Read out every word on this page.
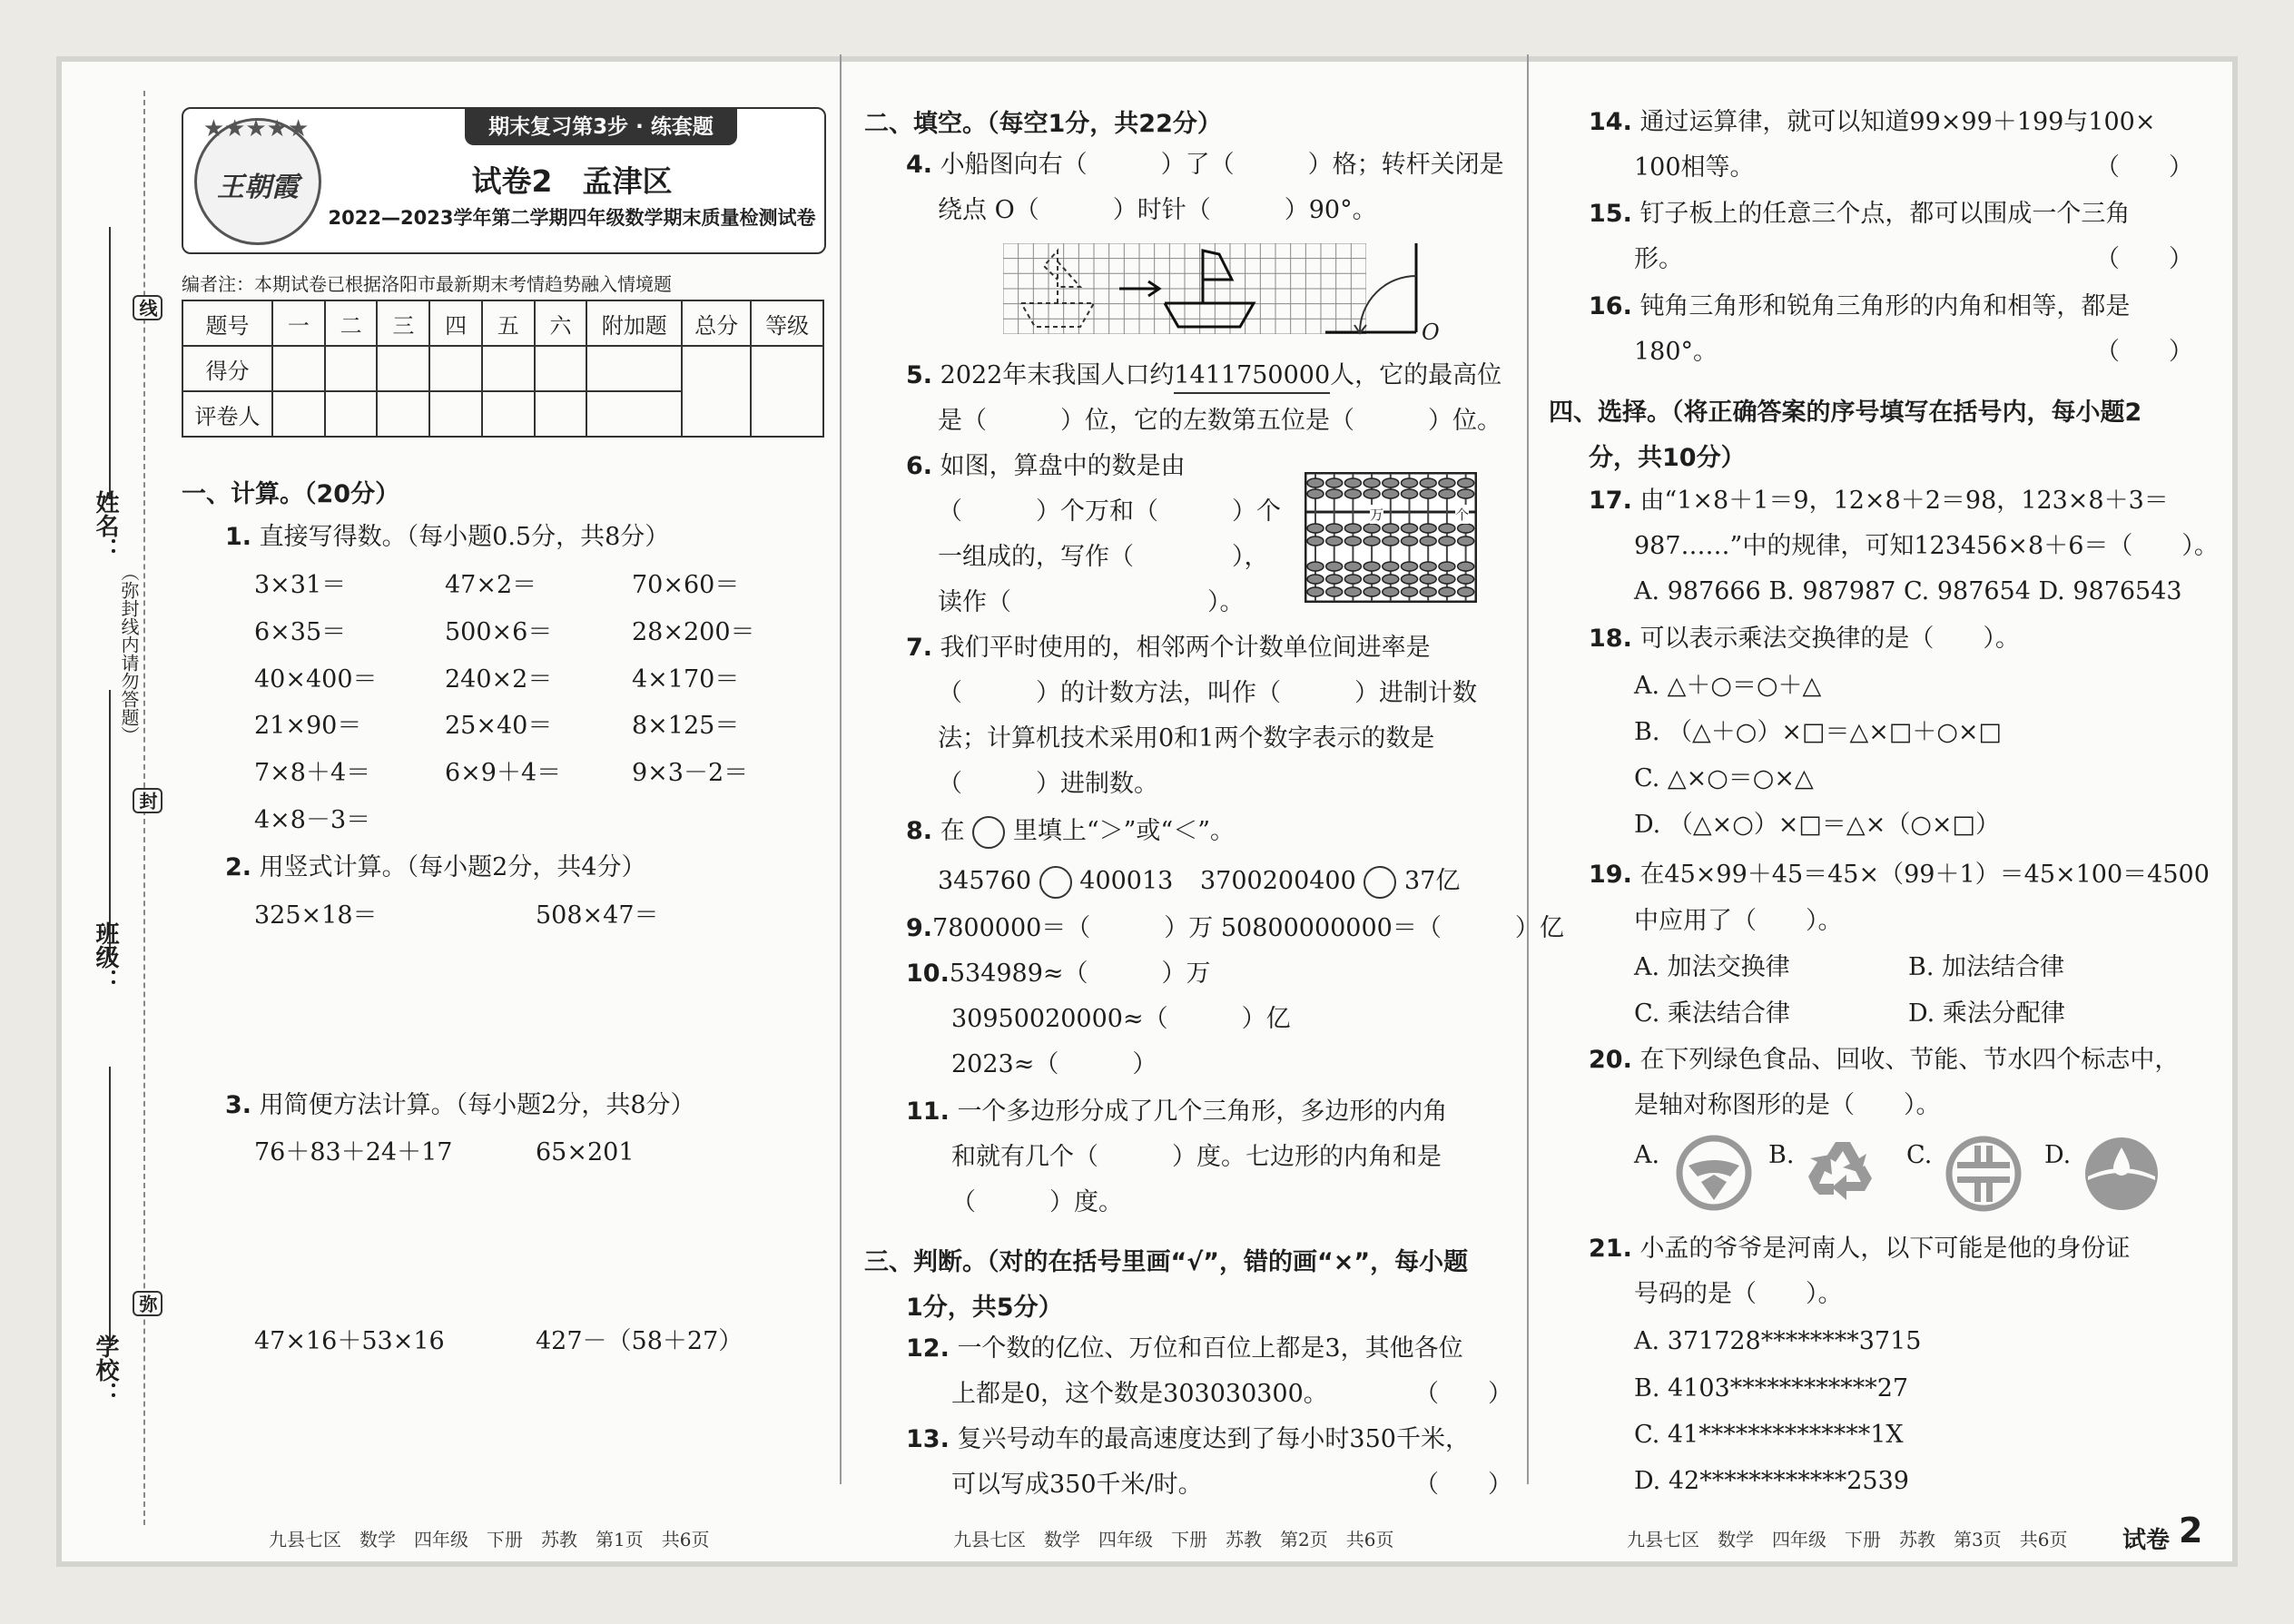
线
封
弥
（弥封线内请勿答题）
姓名：
班级：
学校：
★★★★★
王朝霞
期末复习第3步 · 练套题
试卷2　孟津区
2022—2023学年第二学期四年级数学期末质量检测试卷
编者注：本期试卷已根据洛阳市最新期末考情趋势融入情境题
题号	一	二	三	四	五	六	附加题	总分	等级
得分									
评卷人									
一、计算。（20分）
1. 直接写得数。（每小题0.5分，共8分）
3×31＝	47×2＝	70×60＝
6×35＝	500×6＝	28×200＝
40×400＝	240×2＝	4×170＝
21×90＝	25×40＝	8×125＝
7×8＋4＝	6×9＋4＝	9×3－2＝
4×8－3＝
2. 用竖式计算。（每小题2分，共4分）
325×18＝	508×47＝
3. 用简便方法计算。（每小题2分，共8分）
76＋83＋24＋17	65×201
47×16＋53×16	427－（58＋27）
九县七区　数学　四年级　下册　苏教　第1页　共6页
二、填空。（每空1分，共22分）
4. 小船图向右（　　　）了（　　　）格；转杆关闭是
绕点 O（　　　）时针（　　　）90°。
O
5. 2022年末我国人口约1411750000人，它的最高位
是（　　　）位，它的左数第五位是（　　　）位。
6. 如图，算盘中的数是由
（　　　）个万和（　　　）个
一组成的，写作（　　　　），
读作（　　　　　　　　）。
万	个
7. 我们平时使用的，相邻两个计数单位间进率是
（　　　）的计数方法，叫作（　　　）进制计数
法；计算机技术采用0和1两个数字表示的数是
（　　　）进制数。
8. 在 里填上“＞”或“＜”。
345760 400013 3700200400 37亿
9.7800000＝（　　　）万 50800000000＝（　　　）亿
10.534989≈（　　　）万
30950020000≈（　　　）亿
2023≈（　　　）
11. 一个多边形分成了几个三角形，多边形的内角
和就有几个（　　　）度。七边形的内角和是
（　　　）度。
三、判断。（对的在括号里画“√”，错的画“×”，每小题
1分，共5分）
12. 一个数的亿位、万位和百位上都是3，其他各位
上都是0，这个数是303030300。	（　　）
13. 复兴号动车的最高速度达到了每小时350千米，
可以写成350千米/时。	（　　）
九县七区　数学　四年级　下册　苏教　第2页　共6页
14. 通过运算律，就可以知道99×99＋199与100×
100相等。	（　　）
15. 钉子板上的任意三个点，都可以围成一个三角
形。	（　　）
16. 钝角三角形和锐角三角形的内角和相等，都是
180°。	（　　）
四、选择。（将正确答案的序号填写在括号内，每小题2
分，共10分）
17. 由“1×8＋1＝9，12×8＋2＝98，123×8＋3＝
987……”中的规律，可知123456×8＋6＝（　　）。
A. 987666 B. 987987 C. 987654 D. 9876543
18. 可以表示乘法交换律的是（　　）。
A. △＋○＝○＋△
B. （△＋○）×□＝△×□＋○×□
C. △×○＝○×△
D. （△×○）×□＝△×（○×□）
19. 在45×99＋45＝45×（99＋1）＝45×100＝4500
中应用了（　　）。
A. 加法交换律	B. 加法结合律
C. 乘法结合律	D. 乘法分配律
20. 在下列绿色食品、回收、节能、节水四个标志中，
是轴对称图形的是（　　）。
A.	B.	C.	D.
21. 小孟的爷爷是河南人，以下可能是他的身份证
号码的是（　　）。
A. 371728********3715
B. 4103************27
C. 41**************1X
D. 42************2539
九县七区　数学　四年级　下册　苏教　第3页　共6页 试卷 2
